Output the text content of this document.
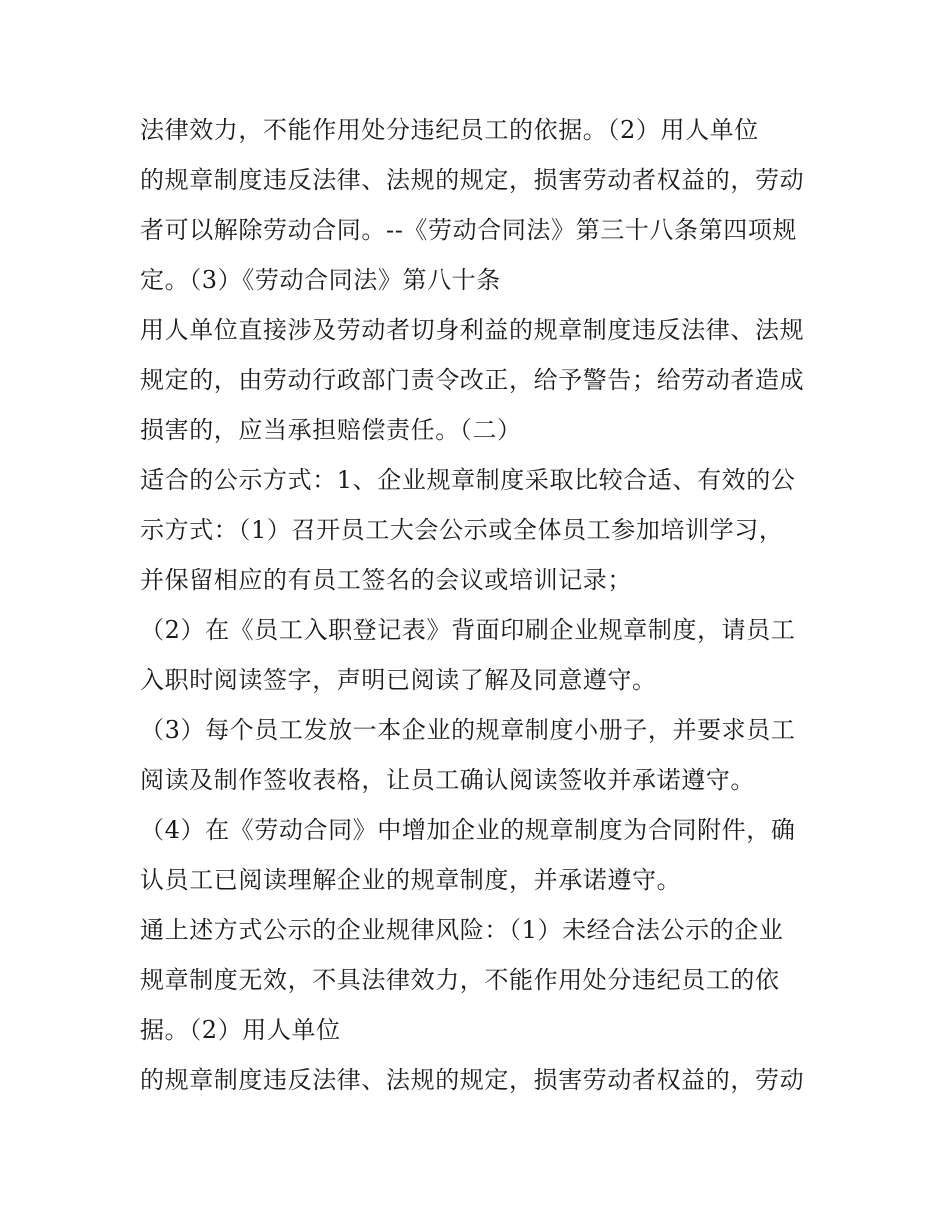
法律效力，不能作用处分违纪员工的依据。（2）用人单位

的规章制度违反法律、法规的规定，损害劳动者权益的，劳动

者可以解除劳动合同。--《劳动合同法》第三十八条第四项规

定。（3）《劳动合同法》第八十条

用人单位直接涉及劳动者切身利益的规章制度违反法律、法规

规定的，由劳动行政部门责令改正，给予警告；给劳动者造成

损害的，应当承担赔偿责任。（二）

适合的公示方式：1、企业规章制度采取比较合适、有效的公

示方式：（1）召开员工大会公示或全体员工参加培训学习，

并保留相应的有员工签名的会议或培训记录；

（2）在《员工入职登记表》背面印刷企业规章制度，请员工

入职时阅读签字，声明已阅读了解及同意遵守。

（3）每个员工发放一本企业的规章制度小册子，并要求员工

阅读及制作签收表格，让员工确认阅读签收并承诺遵守。

（4）在《劳动合同》中增加企业的规章制度为合同附件，确

认员工已阅读理解企业的规章制度，并承诺遵守。

通上述方式公示的企业规律风险：（1）未经合法公示的企业

规章制度无效，不具法律效力，不能作用处分违纪员工的依

据。（2）用人单位

的规章制度违反法律、法规的规定，损害劳动者权益的，劳动
